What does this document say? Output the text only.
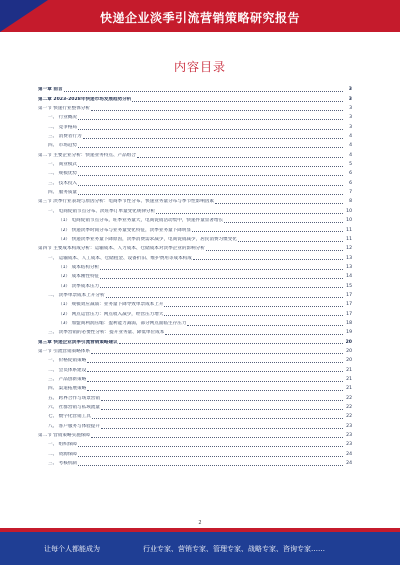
快递企业淡季引流营销策略研究报告
内容目录
第一章 前言	3
第二章 2023-2028年快递市场发展趋势分析	3
第一节 快递行业整体分析	3
一、 行业概况	3
二、 竞争格局	3
三、 消费者行为	4
四、 市场趋势	4
第二节 主要企业分析：快递业务特点、产品组合	4
一、 商业模式	5
二、 规模优势	6
三、 技术投入	6
四、 服务质量	7
第三节 淡季行业表现与原因分析：电商季节性分布、快递业务量分布与季节性影响因素	8
一、 电商促销节点分布、淡旺季订单量变化规律分析	10
（1） 电商促销节点分布，旺季业务量大，电商促销活动集中，快递件量显著增长	10
（2） 快递淡季时间分布与业务量变化特征，淡季业务量下降明显	11
（3） 快递淡季业务量下降原因，淡季消费需求减少，电商促销减少，居民消费习惯变化	11
第四节 主要成本构成分析：运输成本、人力成本、仓储成本对淡季企业的影响分析	12
一、 运输成本、人工成本、仓储租金、设备折旧、维护费用等成本构成	13
（1） 成本结构分析	13
（2） 成本刚性特征	14
（3） 淡季成本压力	15
二、 淡季单票成本上升分析	17
（1） 规模效应减弱：业务量下降导致单票成本上升	17
（2） 网点运营压力：网点收入减少，经营压力增大	17
（3） 加盟商利润压缩：盈利能力减弱，部分网点面临生存压力	18
三、 淡季营销的必要性分析：提升业务量、降低单位成本	19
第三章 快递企业淡季引流营销策略建议	20
第一节 引流营销策略体系	20
一、 价格促销策略	20
二、 会员体系建设	21
三、 产品创新策略	21
四、 渠道拓展策略	21
五、 跨界合作与场景营销	22
六、 社群营销与私域流量	22
七、 数字化营销工具	22
八、 客户服务与体验提升	23
第二节 营销策略实施保障	23
一、 组织保障	23
二、 资源保障	24
三、 考核机制	24
2
让每个人都能成为	行业专家、营销专家、管理专家、战略专家、咨询专家……
